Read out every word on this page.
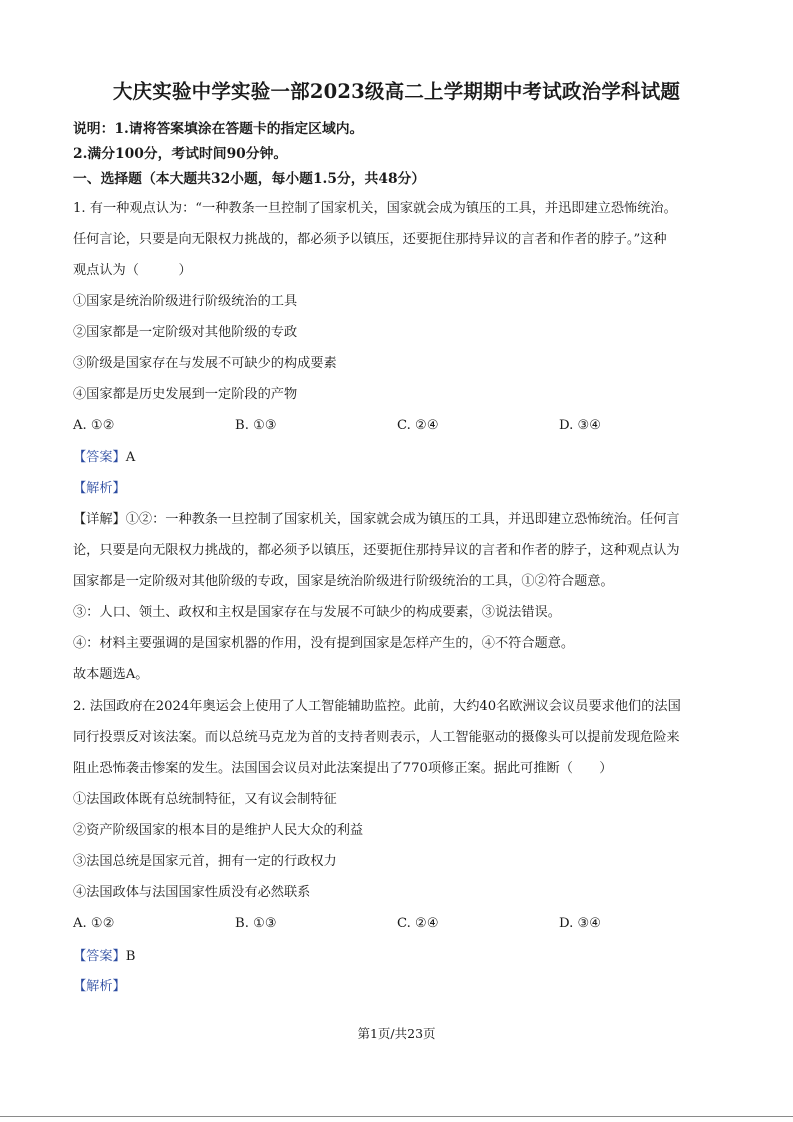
大庆实验中学实验一部2023级高二上学期期中考试政治学科试题
说明：1.请将答案填涂在答题卡的指定区域内。
2.满分100分，考试时间90分钟。
一、选择题（本大题共32小题，每小题1.5分，共48分）
1. 有一种观点认为：“一种教条一旦控制了国家机关，国家就会成为镇压的工具，并迅即建立恐怖统治。
任何言论，只要是向无限权力挑战的，都必须予以镇压，还要扼住那持异议的言者和作者的脖子。”这种
观点认为（　　　）
①国家是统治阶级进行阶级统治的工具
②国家都是一定阶级对其他阶级的专政
③阶级是国家存在与发展不可缺少的构成要素
④国家都是历史发展到一定阶段的产物
A. ①②	B. ①③	C. ②④	D. ③④
【答案】A
【解析】
【详解】①②：一种教条一旦控制了国家机关，国家就会成为镇压的工具，并迅即建立恐怖统治。任何言
论，只要是向无限权力挑战的，都必须予以镇压，还要扼住那持异议的言者和作者的脖子，这种观点认为
国家都是一定阶级对其他阶级的专政，国家是统治阶级进行阶级统治的工具，①②符合题意。
③：人口、领土、政权和主权是国家存在与发展不可缺少的构成要素，③说法错误。
④：材料主要强调的是国家机器的作用，没有提到国家是怎样产生的，④不符合题意。
故本题选A。
2. 法国政府在2024年奥运会上使用了人工智能辅助监控。此前，大约40名欧洲议会议员要求他们的法国
同行投票反对该法案。而以总统马克龙为首的支持者则表示，人工智能驱动的摄像头可以提前发现危险来
阻止恐怖袭击惨案的发生。法国国会议员对此法案提出了770项修正案。据此可推断（　　）
①法国政体既有总统制特征，又有议会制特征
②资产阶级国家的根本目的是维护人民大众的利益
③法国总统是国家元首，拥有一定的行政权力
④法国政体与法国国家性质没有必然联系
A. ①②	B. ①③	C. ②④	D. ③④
【答案】B
【解析】
第1页/共23页
